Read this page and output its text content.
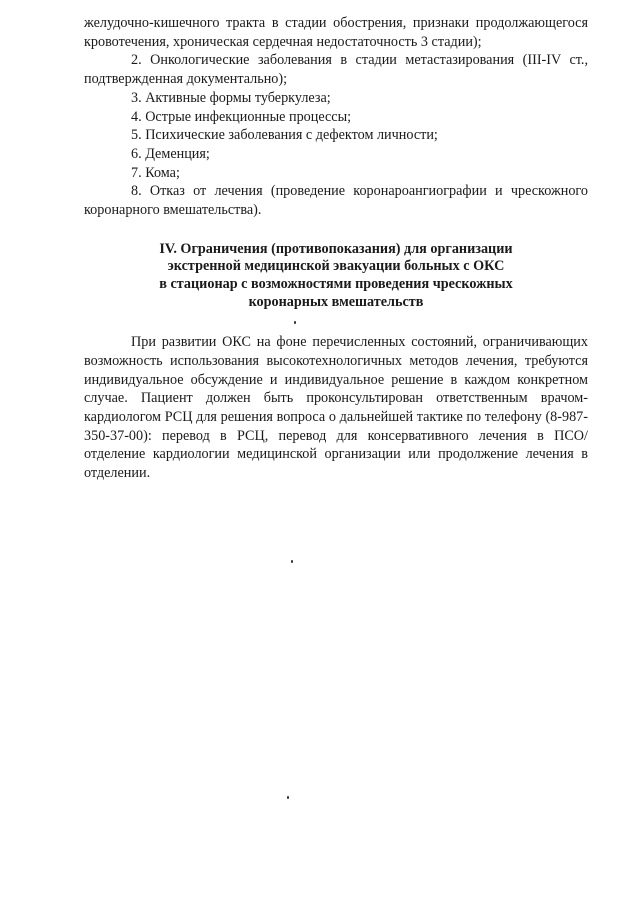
желудочно-кишечного тракта в стадии обострения, признаки продолжающегося кровотечения, хроническая сердечная недостаточность 3 стадии);

2. Онкологические заболевания в стадии метастазирования (III-IV ст., подтвержденная документально);

3. Активные формы туберкулеза;

4. Острые инфекционные процессы;

5. Психические заболевания с дефектом личности;

6. Деменция;

7. Кома;

8. Отказ от лечения (проведение коронароангиографии и чрескожного коронарного вмешательства).

IV. Ограничения (противопоказания) для организации
экстренной медицинской эвакуации больных с ОКС
в стационар с возможностями проведения чрескожных
коронарных вмешательств

При развитии ОКС на фоне перечисленных состояний, ограничивающих возможность использования высокотехнологичных методов лечения, требуются индивидуальное обсуждение и индивидуальное решение в каждом конкретном случае. Пациент должен быть проконсультирован ответственным врачом-кардиологом РСЦ для решения вопроса о дальнейшей тактике по телефону (8-987-350-37-00): перевод в РСЦ, перевод для консервативного лечения в ПСО/отделение кардиологии медицинской организации или продолжение лечения в отделении.
